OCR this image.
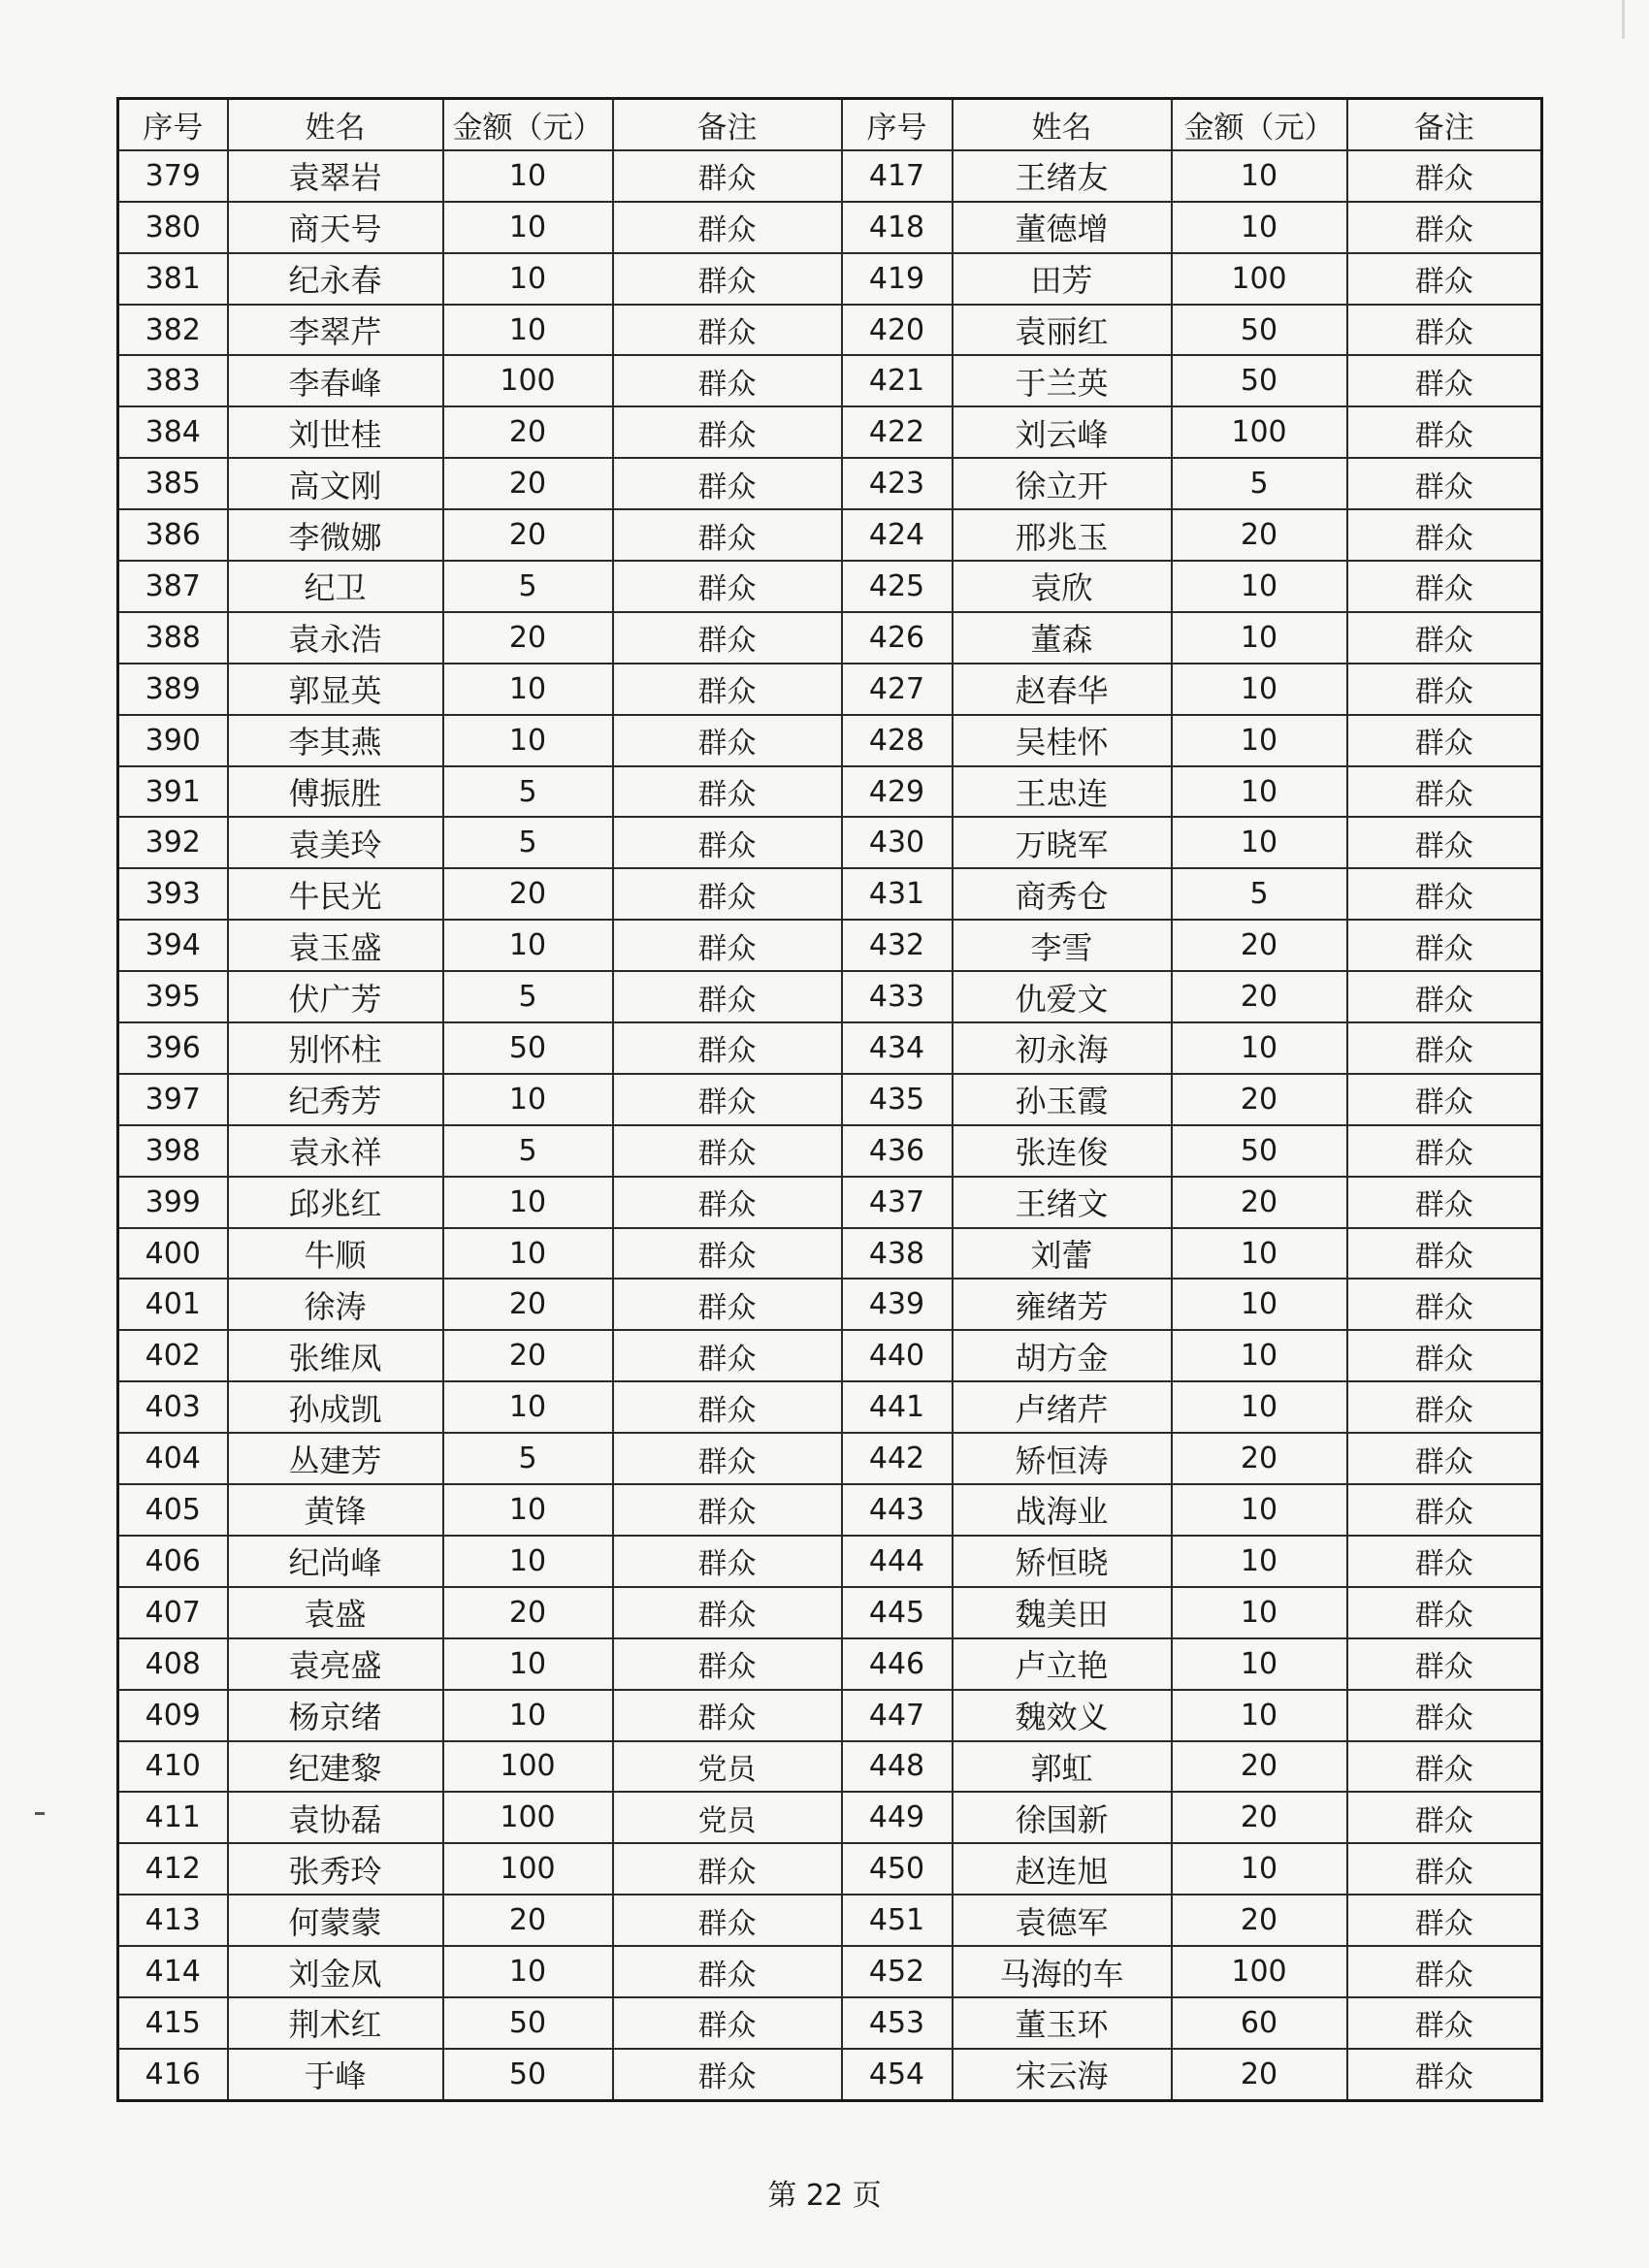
序号	姓名	金额（元）	备注	序号	姓名	金额（元）	备注
379	袁翠岩	10	群众	417	王绪友	10	群众
380	商天号	10	群众	418	董德增	10	群众
381	纪永春	10	群众	419	田芳	100	群众
382	李翠芹	10	群众	420	袁丽红	50	群众
383	李春峰	100	群众	421	于兰英	50	群众
384	刘世桂	20	群众	422	刘云峰	100	群众
385	高文刚	20	群众	423	徐立开	5	群众
386	李微娜	20	群众	424	邢兆玉	20	群众
387	纪卫	5	群众	425	袁欣	10	群众
388	袁永浩	20	群众	426	董森	10	群众
389	郭显英	10	群众	427	赵春华	10	群众
390	李其燕	10	群众	428	吴桂怀	10	群众
391	傅振胜	5	群众	429	王忠连	10	群众
392	袁美玲	5	群众	430	万晓军	10	群众
393	牛民光	20	群众	431	商秀仓	5	群众
394	袁玉盛	10	群众	432	李雪	20	群众
395	伏广芳	5	群众	433	仇爱文	20	群众
396	别怀柱	50	群众	434	初永海	10	群众
397	纪秀芳	10	群众	435	孙玉霞	20	群众
398	袁永祥	5	群众	436	张连俊	50	群众
399	邱兆红	10	群众	437	王绪文	20	群众
400	牛顺	10	群众	438	刘蕾	10	群众
401	徐涛	20	群众	439	雍绪芳	10	群众
402	张维凤	20	群众	440	胡方金	10	群众
403	孙成凯	10	群众	441	卢绪芹	10	群众
404	丛建芳	5	群众	442	矫恒涛	20	群众
405	黄锋	10	群众	443	战海业	10	群众
406	纪尚峰	10	群众	444	矫恒晓	10	群众
407	袁盛	20	群众	445	魏美田	10	群众
408	袁亮盛	10	群众	446	卢立艳	10	群众
409	杨京绪	10	群众	447	魏效义	10	群众
410	纪建黎	100	党员	448	郭虹	20	群众
411	袁协磊	100	党员	449	徐国新	20	群众
412	张秀玲	100	群众	450	赵连旭	10	群众
413	何蒙蒙	20	群众	451	袁德军	20	群众
414	刘金凤	10	群众	452	马海的车	100	群众
415	荆术红	50	群众	453	董玉环	60	群众
416	于峰	50	群众	454	宋云海	20	群众
第 22 页
